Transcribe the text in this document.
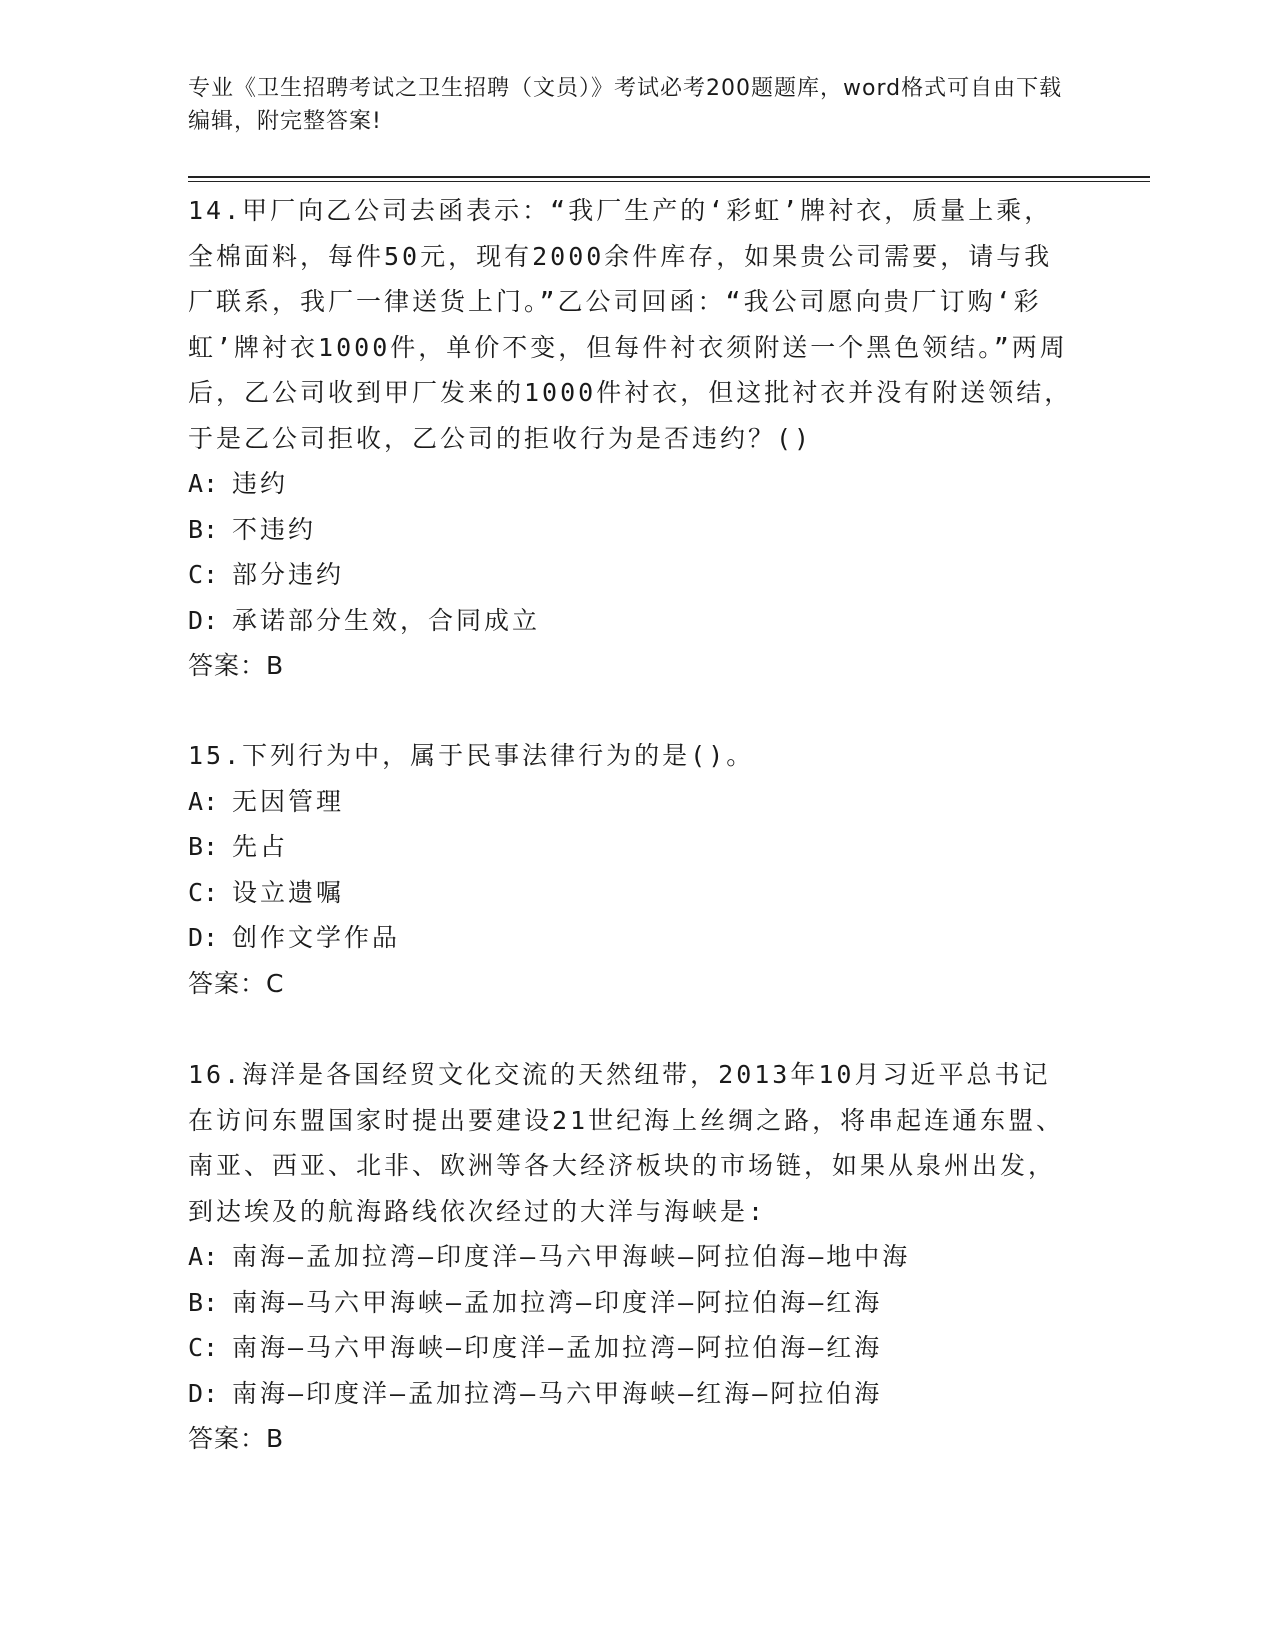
专业《卫生招聘考试之卫生招聘（文员）》考试必考200题题库，word格式可自由下载编辑，附完整答案!

14.甲厂向乙公司去函表示：“我厂生产的‘彩虹’牌衬衣，质量上乘，全棉面料，每件50元，现有2000余件库存，如果贵公司需要，请与我厂联系，我厂一律送货上门。”乙公司回函：“我公司愿向贵厂订购‘彩虹’牌衬衣1000件，单价不变，但每件衬衣须附送一个黑色领结。”两周后，乙公司收到甲厂发来的1000件衬衣，但这批衬衣并没有附送领结，于是乙公司拒收，乙公司的拒收行为是否违约？()

A: 违约

B: 不违约

C: 部分违约

D: 承诺部分生效，合同成立

答案：B

15.下列行为中，属于民事法律行为的是()。

A: 无因管理

B: 先占

C: 设立遗嘱

D: 创作文学作品

答案：C

16.海洋是各国经贸文化交流的天然纽带，2013年10月习近平总书记在访问东盟国家时提出要建设21世纪海上丝绸之路，将串起连通东盟、南亚、西亚、北非、欧洲等各大经济板块的市场链，如果从泉州出发，到达埃及的航海路线依次经过的大洋与海峡是:

A: 南海—孟加拉湾—印度洋—马六甲海峡—阿拉伯海—地中海

B: 南海—马六甲海峡—孟加拉湾—印度洋—阿拉伯海—红海

C: 南海—马六甲海峡—印度洋—孟加拉湾—阿拉伯海—红海

D: 南海—印度洋—孟加拉湾—马六甲海峡—红海—阿拉伯海

答案：B
